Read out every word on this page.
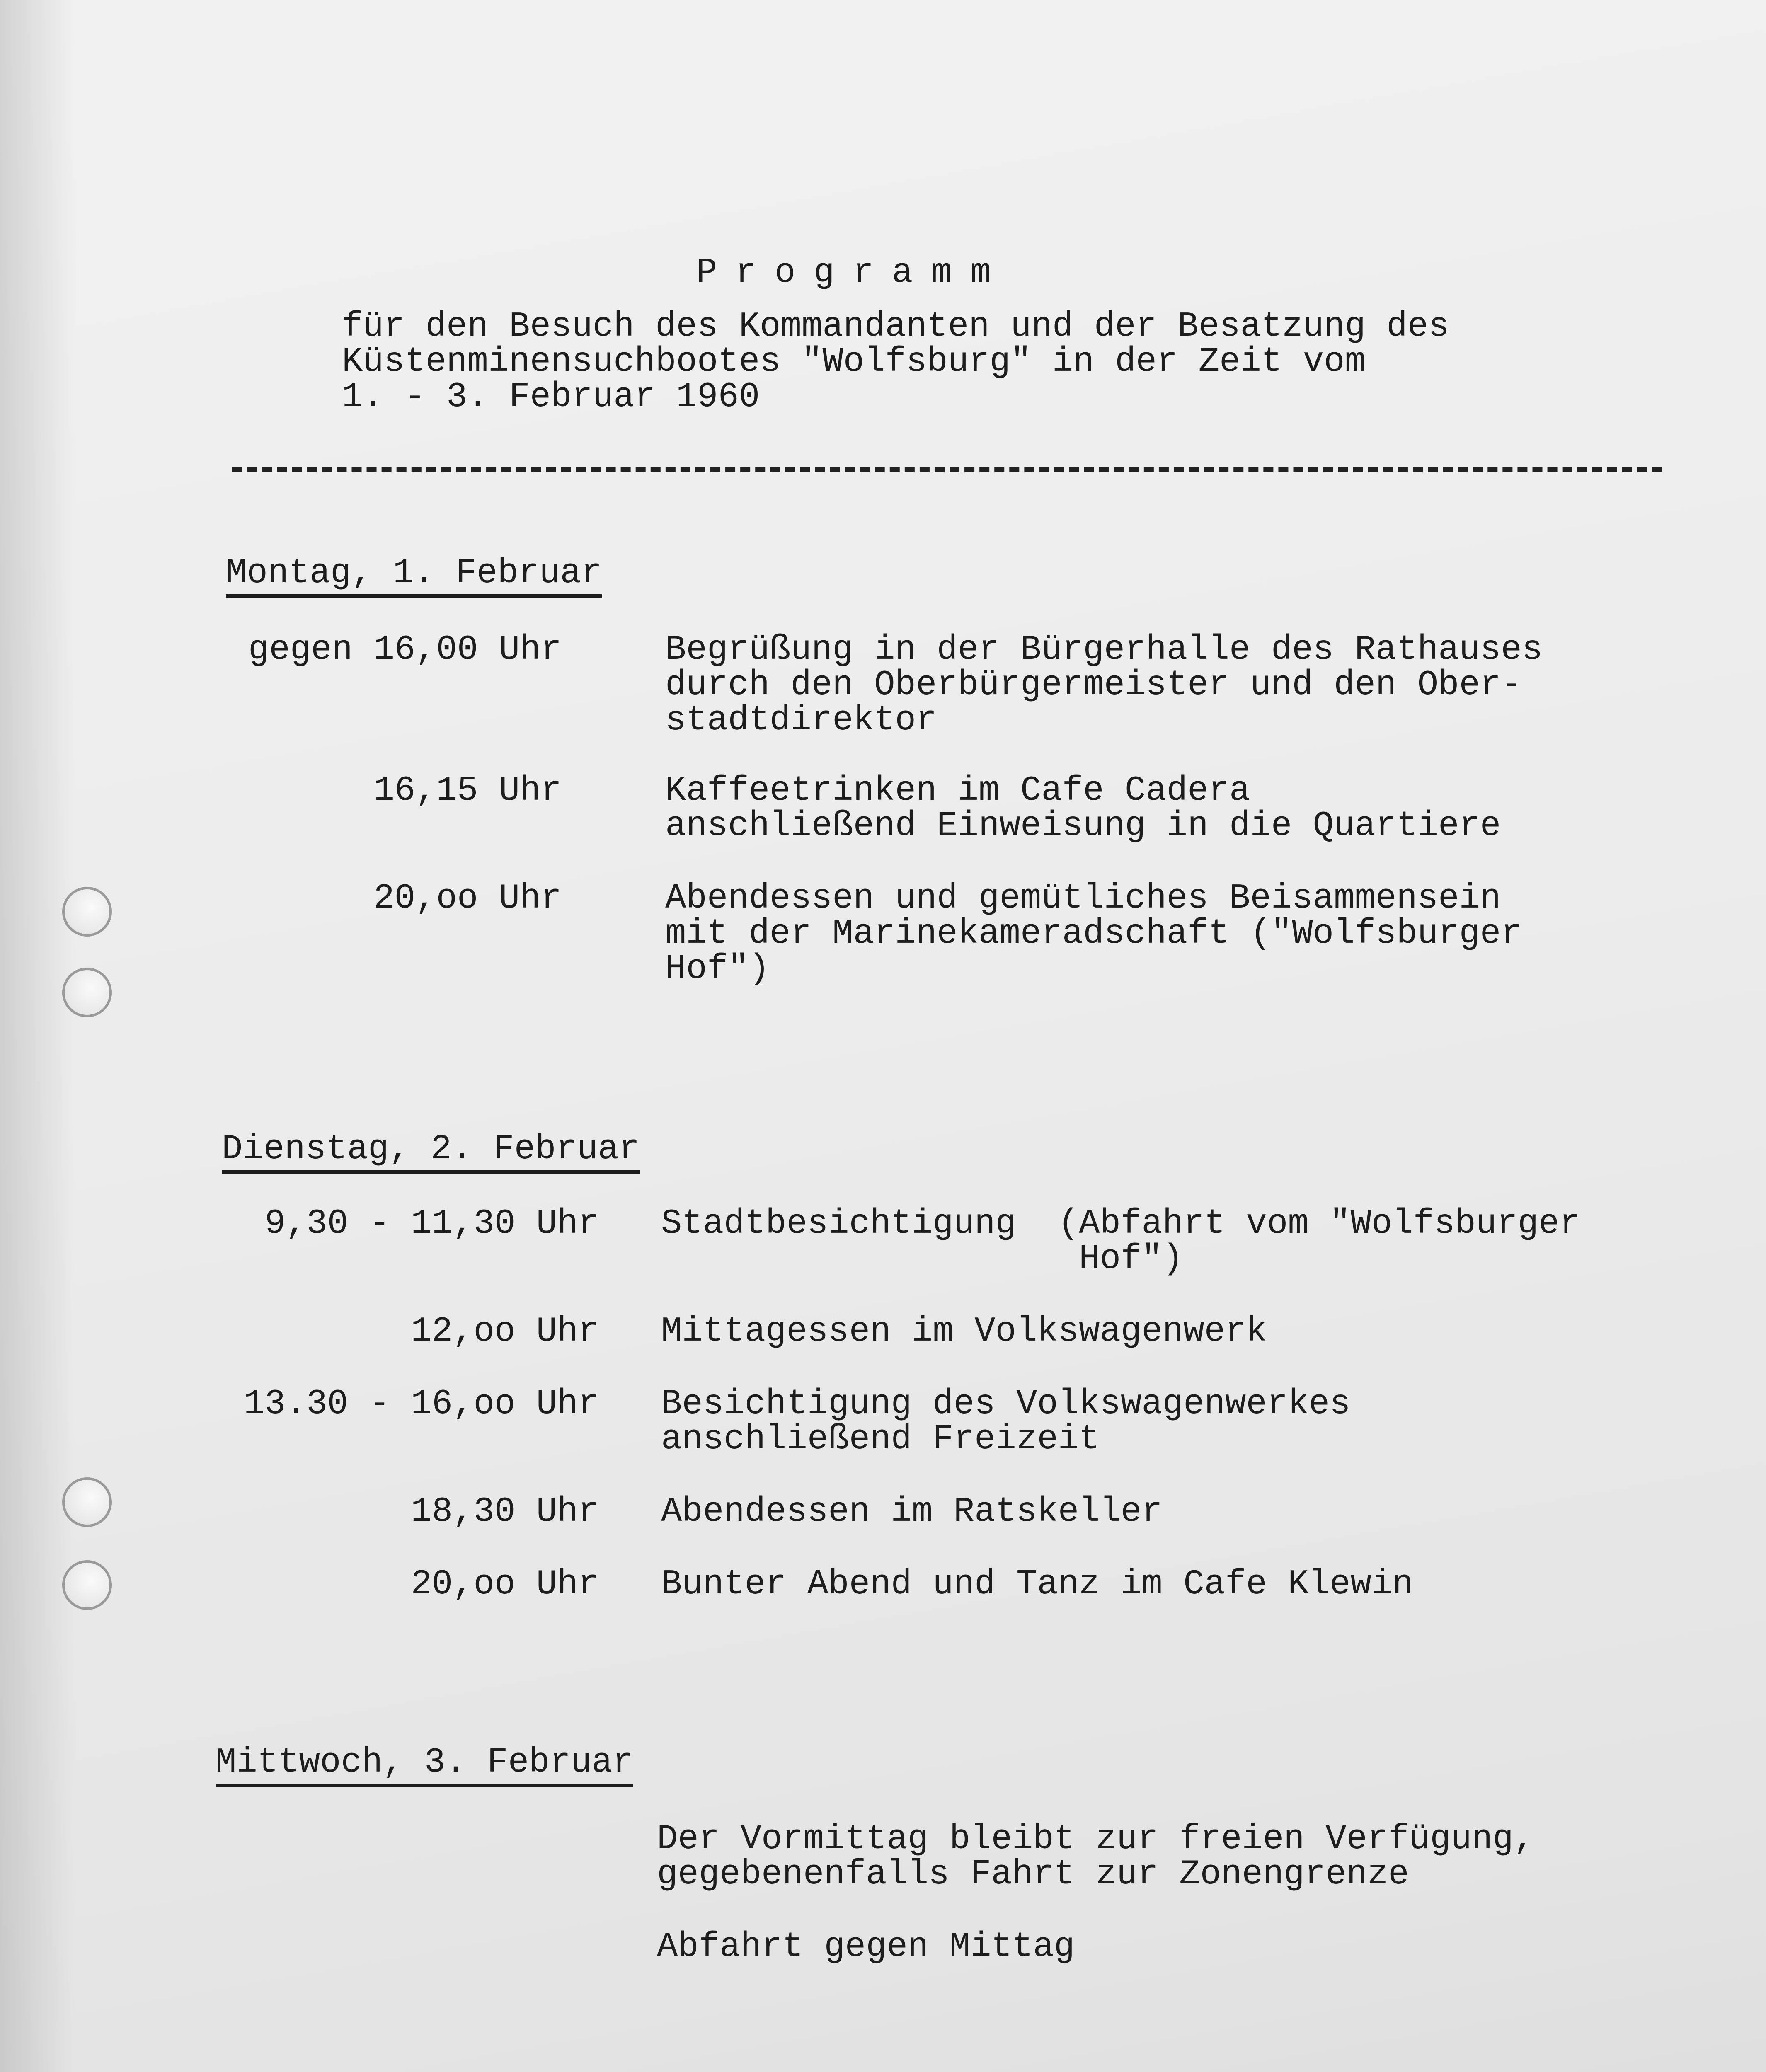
Programm
für den Besuch des Kommandanten und der Besatzung des
Küstenminensuchbootes "Wolfsburg" in der Zeit vom
1. - 3. Februar 1960
Montag, 1. Februar
gegen 16,00 Uhr	Begrüßung in der Bürgerhalle des Rathauses
durch den Oberbürgermeister und den Ober-
stadtdirektor
16,15 Uhr	Kaffeetrinken im Cafe Cadera
anschließend Einweisung in die Quartiere
20,oo Uhr	Abendessen und gemütliches Beisammensein
mit der Marinekameradschaft ("Wolfsburger
Hof")
Dienstag, 2. Februar
9,30 - 11,30 Uhr Stadtbesichtigung  (Abfahrt vom "Wolfsburger
Hof")
12,oo Uhr Mittagessen im Volkswagenwerk
13.30 - 16,oo Uhr Besichtigung des Volkswagenwerkes
anschließend Freizeit
18,30 Uhr Abendessen im Ratskeller
20,oo Uhr Bunter Abend und Tanz im Cafe Klewin
Mittwoch, 3. Februar
Der Vormittag bleibt zur freien Verfügung,
gegebenenfalls Fahrt zur Zonengrenze
Abfahrt gegen Mittag
